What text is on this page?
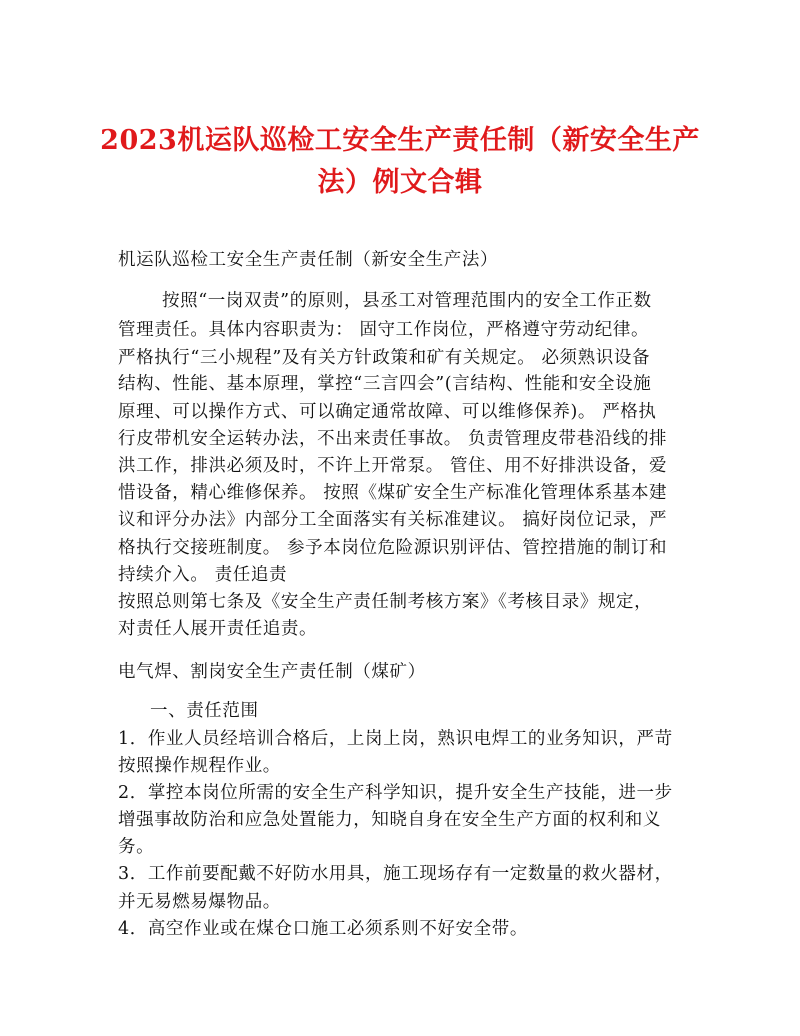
2023机运队巡检工安全生产责任制（新安全生产
法）例文合辑
机运队巡检工安全生产责任制（新安全生产法）
按照“一岗双责”的原则，县丞工对管理范围内的安全工作正数
管理责任。具体内容职责为： 固守工作岗位，严格遵守劳动纪律。
严格执行“三小规程”及有关方针政策和矿有关规定。 必须熟识设备
结构、性能、基本原理，掌控“三言四会”(言结构、性能和安全设施
原理、可以操作方式、可以确定通常故障、可以维修保养)。 严格执
行皮带机安全运转办法，不出来责任事故。 负责管理皮带巷沿线的排
洪工作，排洪必须及时，不许上开常泵。 管住、用不好排洪设备，爱
惜设备，精心维修保养。 按照《煤矿安全生产标准化管理体系基本建
议和评分办法》内部分工全面落实有关标准建议。 搞好岗位记录，严
格执行交接班制度。 参予本岗位危险源识别评估、管控措施的制订和
持续介入。 责任追责
按照总则第七条及《安全生产责任制考核方案》《考核目录》规定，
对责任人展开责任追责。
电气焊、割岗安全生产责任制（煤矿）
一、责任范围
1．作业人员经培训合格后，上岗上岗，熟识电焊工的业务知识，严苛
按照操作规程作业。
2．掌控本岗位所需的安全生产科学知识，提升安全生产技能，进一步
增强事故防治和应急处置能力，知晓自身在安全生产方面的权利和义
务。
3．工作前要配戴不好防水用具，施工现场存有一定数量的救火器材，
并无易燃易爆物品。
4．高空作业或在煤仓口施工必须系则不好安全带。
